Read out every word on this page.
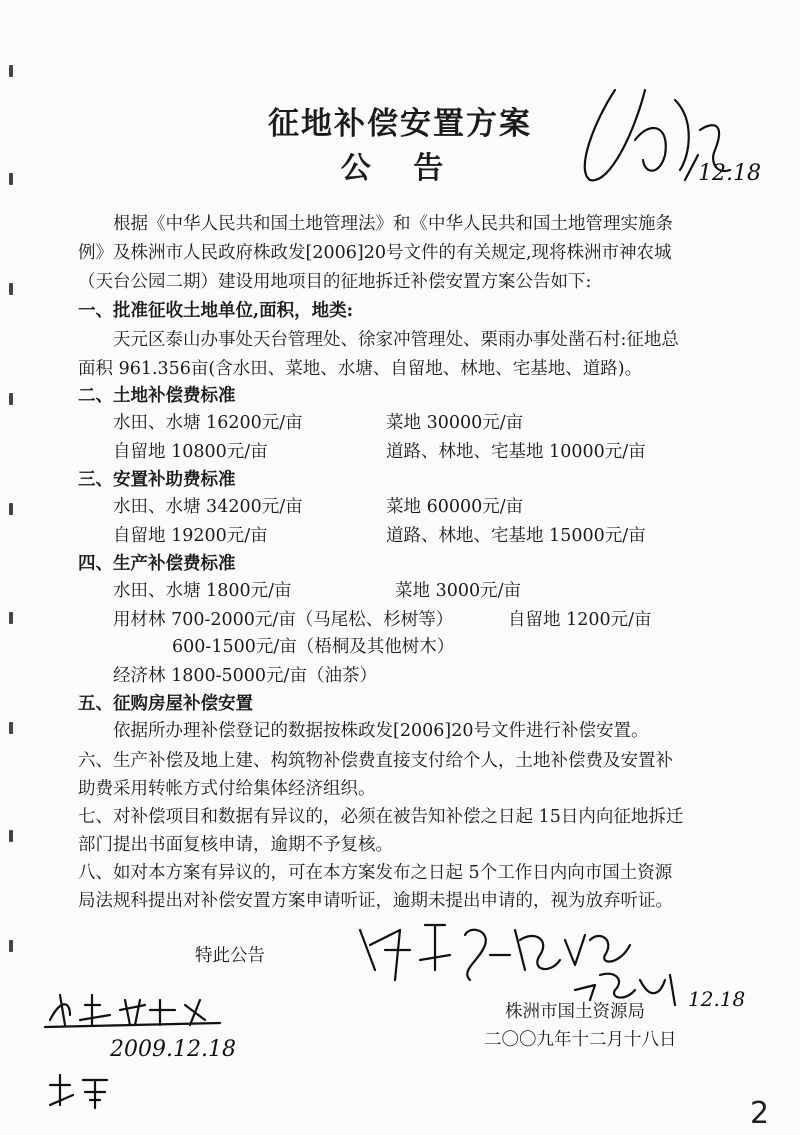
征地补偿安置方案
公 告
根据《中华人民共和国土地管理法》和《中华人民共和国土地管理实施条
例》及株洲市人民政府株政发[2006]20号文件的有关规定,现将株洲市神农城
（天台公园二期）建设用地项目的征地拆迁补偿安置方案公告如下:
一、批准征收土地单位,面积，地类:
天元区泰山办事处天台管理处、徐家冲管理处、栗雨办事处凿石村:征地总
面积 961.356亩(含水田、菜地、水塘、自留地、林地、宅基地、道路)。
二、土地补偿费标准
水田、水塘 16200元/亩	菜地 30000元/亩
自留地 10800元/亩	道路、林地、宅基地 10000元/亩
三、安置补助费标准
水田、水塘 34200元/亩	菜地 60000元/亩
自留地 19200元/亩	道路、林地、宅基地 15000元/亩
四、生产补偿费标准
水田、水塘 1800元/亩	菜地 3000元/亩
用材林 700-2000元/亩（马尾松、杉树等）	自留地 1200元/亩
600-1500元/亩（梧桐及其他树木）
经济林 1800-5000元/亩（油茶）
五、征购房屋补偿安置
依据所办理补偿登记的数据按株政发[2006]20号文件进行补偿安置。
六、生产补偿及地上建、构筑物补偿费直接支付给个人，土地补偿费及安置补
助费采用转帐方式付给集体经济组织。
七、对补偿项目和数据有异议的，必须在被告知补偿之日起 15日内向征地拆迁
部门提出书面复核申请，逾期不予复核。
八、如对本方案有异议的，可在本方案发布之日起 5个工作日内向市国土资源
局法规科提出对补偿安置方案申请听证，逾期未提出申请的，视为放弃听证。
特此公告
株洲市国土资源局
二〇〇九年十二月十八日
12.18
12.18
2009.12.18
2
